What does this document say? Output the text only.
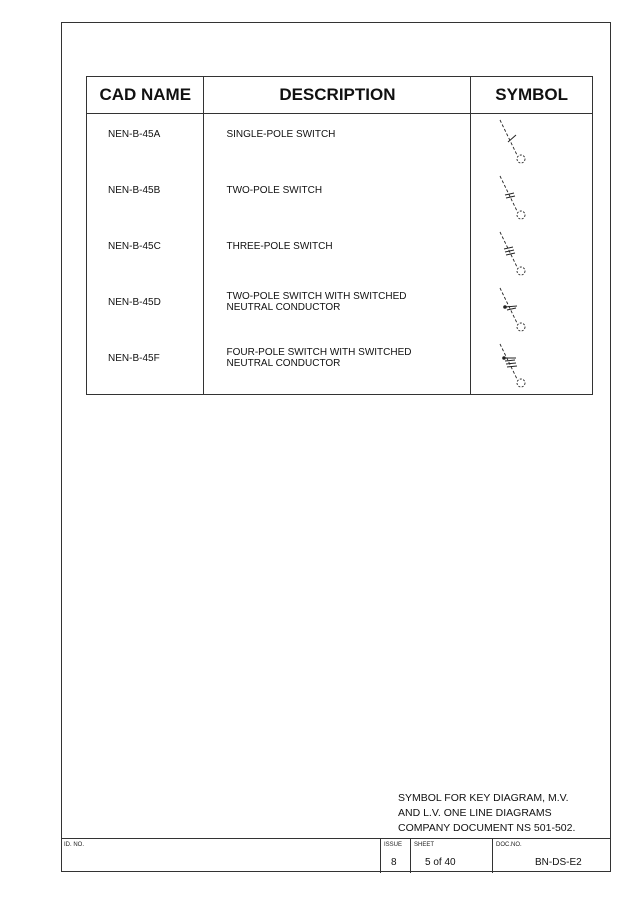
CAD NAME	DESCRIPTION	SYMBOL
NEN-B-45A	SINGLE-POLE SWITCH	

NEN-B-45B	TWO-POLE SWITCH	

NEN-B-45C	THREE-POLE SWITCH	

NEN-B-45D	TWO-POLE SWITCH WITH SWITCHED
NEUTRAL CONDUCTOR

NEN-B-45F	FOUR-POLE SWITCH WITH SWITCHED
NEUTRAL CONDUCTOR

SYMBOL FOR KEY DIAGRAM, M.V.
AND L.V. ONE LINE DIAGRAMS
COMPANY DOCUMENT NS 501-502.
ID. NO.	ISSUE
8
SHEET
5 of 40
DOC.NO.
BN-DS-E2
